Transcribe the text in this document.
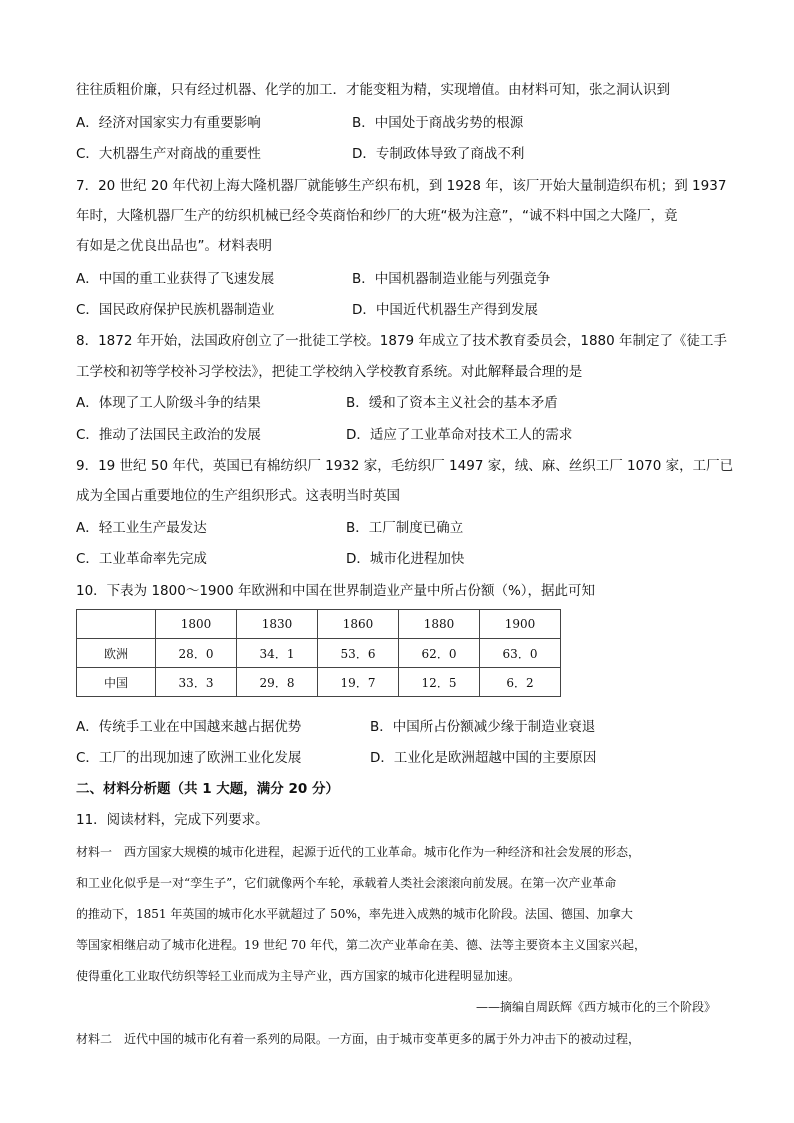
往往质粗价廉，只有经过机器、化学的加工．才能变粗为精，实现增值。由材料可知，张之洞认识到
A．经济对国家实力有重要影响	B．中国处于商战劣势的根源
C．大机器生产对商战的重要性	D．专制政体导致了商战不利
7．20 世纪 20 年代初上海大隆机器厂就能够生产织布机，到 1928 年，该厂开始大量制造织布机；到 1937
年时，大隆机器厂生产的纺织机械已经令英商怡和纱厂的大班“极为注意”，“诚不料中国之大隆厂，竟
有如是之优良出品也”。材料表明
A．中国的重工业获得了飞速发展	B．中国机器制造业能与列强竞争
C．国民政府保护民族机器制造业	D．中国近代机器生产得到发展
8．1872 年开始，法国政府创立了一批徒工学校。1879 年成立了技术教育委员会，1880 年制定了《徒工手
工学校和初等学校补习学校法》，把徒工学校纳入学校教育系统。对此解释最合理的是
A．体现了工人阶级斗争的结果	B．缓和了资本主义社会的基本矛盾
C．推动了法国民主政治的发展	D．适应了工业革命对技术工人的需求
9．19 世纪 50 年代，英国已有棉纺织厂 1932 家，毛纺织厂 1497 家，绒、麻、丝织工厂 1070 家，工厂已
成为全国占重要地位的生产组织形式。这表明当时英国
A．轻工业生产最发达	B．工厂制度已确立
C．工业革命率先完成	D．城市化进程加快
10．下表为 1800～1900 年欧洲和中国在世界制造业产量中所占份额（%），据此可知
	1800	1830	1860	1880	1900
欧洲	28．0	34．1	53．6	62．0	63．0
中国	33．3	29．8	19．7	12．5	6．2
A．传统手工业在中国越来越占据优势	B．中国所占份额减少缘于制造业衰退
C．工厂的出现加速了欧洲工业化发展	D．工业化是欧洲超越中国的主要原因
二、材料分析题（共 1 大题，满分 20 分）
11．阅读材料，完成下列要求。
材料一　西方国家大规模的城市化进程，起源于近代的工业革命。城市化作为一种经济和社会发展的形态，
和工业化似乎是一对“孪生子”，它们就像两个车轮，承载着人类社会滚滚向前发展。在第一次产业革命
的推动下，1851 年英国的城市化水平就超过了 50%，率先进入成熟的城市化阶段。法国、德国、加拿大
等国家相继启动了城市化进程。19 世纪 70 年代，第二次产业革命在美、德、法等主要资本主义国家兴起，
使得重化工业取代纺织等轻工业而成为主导产业，西方国家的城市化进程明显加速。
——摘编自周跃辉《西方城市化的三个阶段》
材料二　近代中国的城市化有着一系列的局限。一方面，由于城市变革更多的属于外力冲击下的被动过程，
